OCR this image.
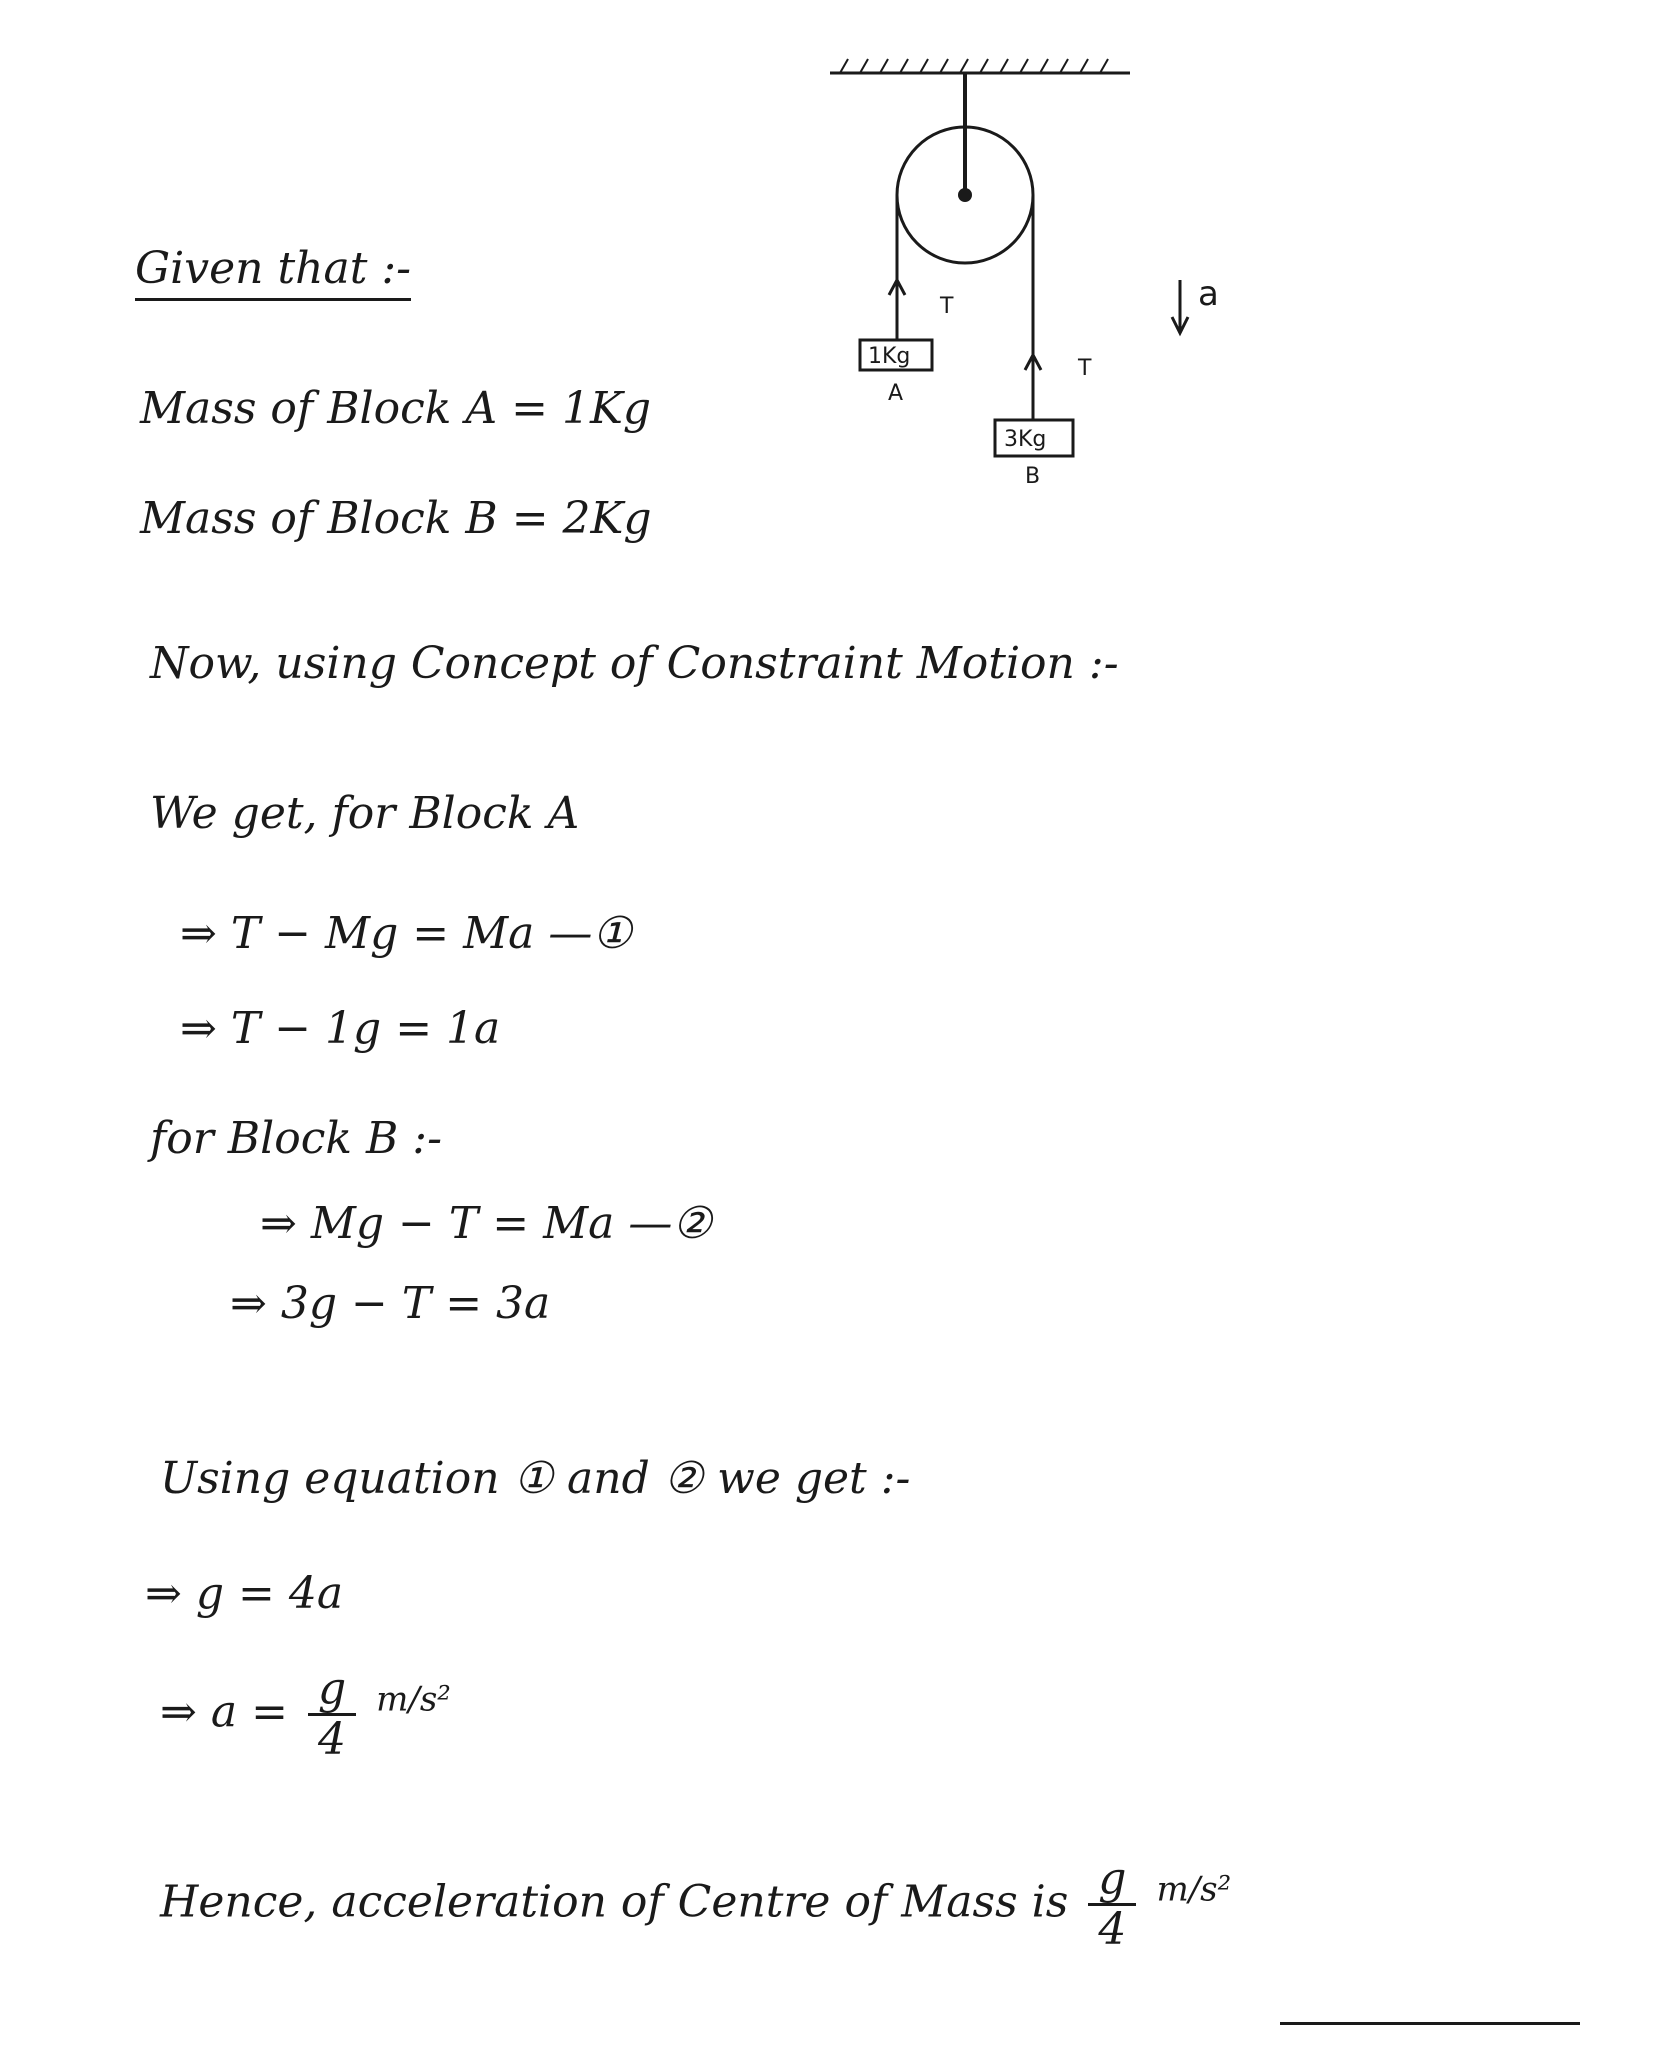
T
T
1Kg
A
3Kg
B
a
Given that :-
Mass of Block A = 1Kg
Mass of Block B = 2Kg
Now, using Concept of Constraint Motion :-
We get, for Block A
⇒ T − Mg = Ma —①
⇒ T − 1g = 1a
for Block B :-
⇒ Mg − T = Ma —②
⇒ 3g − T = 3a
Using equation ① and ② we get :-
⇒ g = 4a
⇒ $a = \frac{g}{4} ^{m/s^2}$
Hence, acceleration of Centre of Mass is $\frac{g}{4} ^{m/s^2}$
